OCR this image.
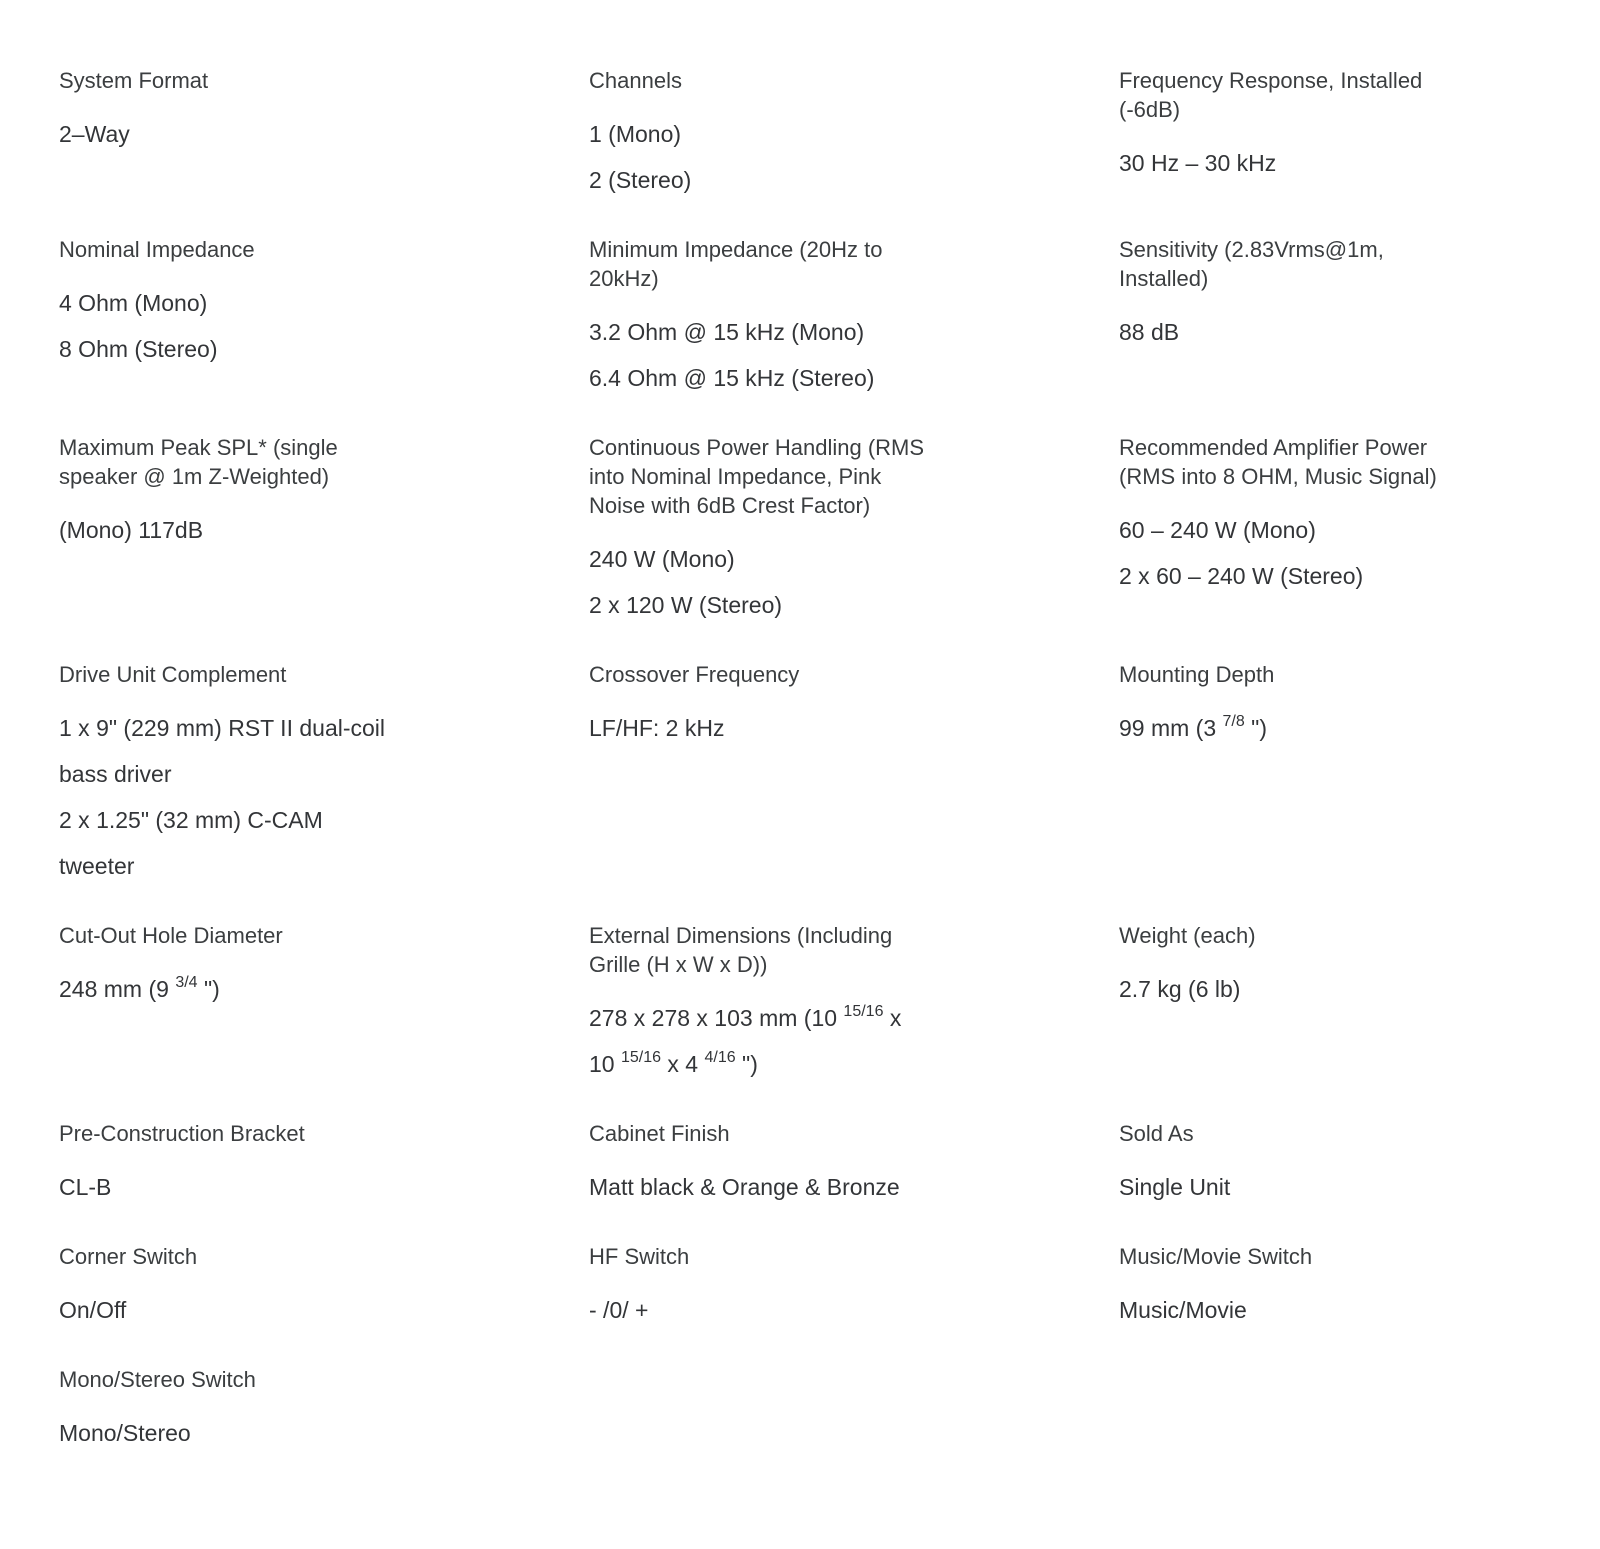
System Format

2–Way

Channels

1 (Mono)

2 (Stereo)

Frequency Response, Installed
(-6dB)

30 Hz – 30 kHz

Nominal Impedance

4 Ohm (Mono)

8 Ohm (Stereo)

Minimum Impedance (20Hz to
20kHz)

3.2 Ohm @ 15 kHz (Mono)

6.4 Ohm @ 15 kHz (Stereo)

Sensitivity (2.83Vrms@1m,
Installed)

88 dB

Maximum Peak SPL* (single
speaker @ 1m Z-Weighted)

(Mono) 117dB

Continuous Power Handling (RMS
into Nominal Impedance, Pink
Noise with 6dB Crest Factor)

240 W (Mono)

2 x 120 W (Stereo)

Recommended Amplifier Power
(RMS into 8 OHM, Music Signal)

60 – 240 W (Mono)

2 x 60 – 240 W (Stereo)

Drive Unit Complement

1 x 9" (229 mm) RST II dual-coil

bass driver

2 x 1.25" (32 mm) C-CAM

tweeter

Crossover Frequency

LF/HF: 2 kHz

Mounting Depth

99 mm (3 $^{7/8}$ ")

Cut-Out Hole Diameter

248 mm (9 $^{3/4}$ ")

External Dimensions (Including
Grille (H x W x D))

278 x 278 x 103 mm (10 $^{15/16}$ x

10 $^{15/16}$ x 4 $^{4/16}$ ")

Weight (each)

2.7 kg (6 lb)

Pre-Construction Bracket

CL-B

Cabinet Finish

Matt black & Orange & Bronze

Sold As

Single Unit

Corner Switch

On/Off

HF Switch

- /0/ +

Music/Movie Switch

Music/Movie

Mono/Stereo Switch

Mono/Stereo
